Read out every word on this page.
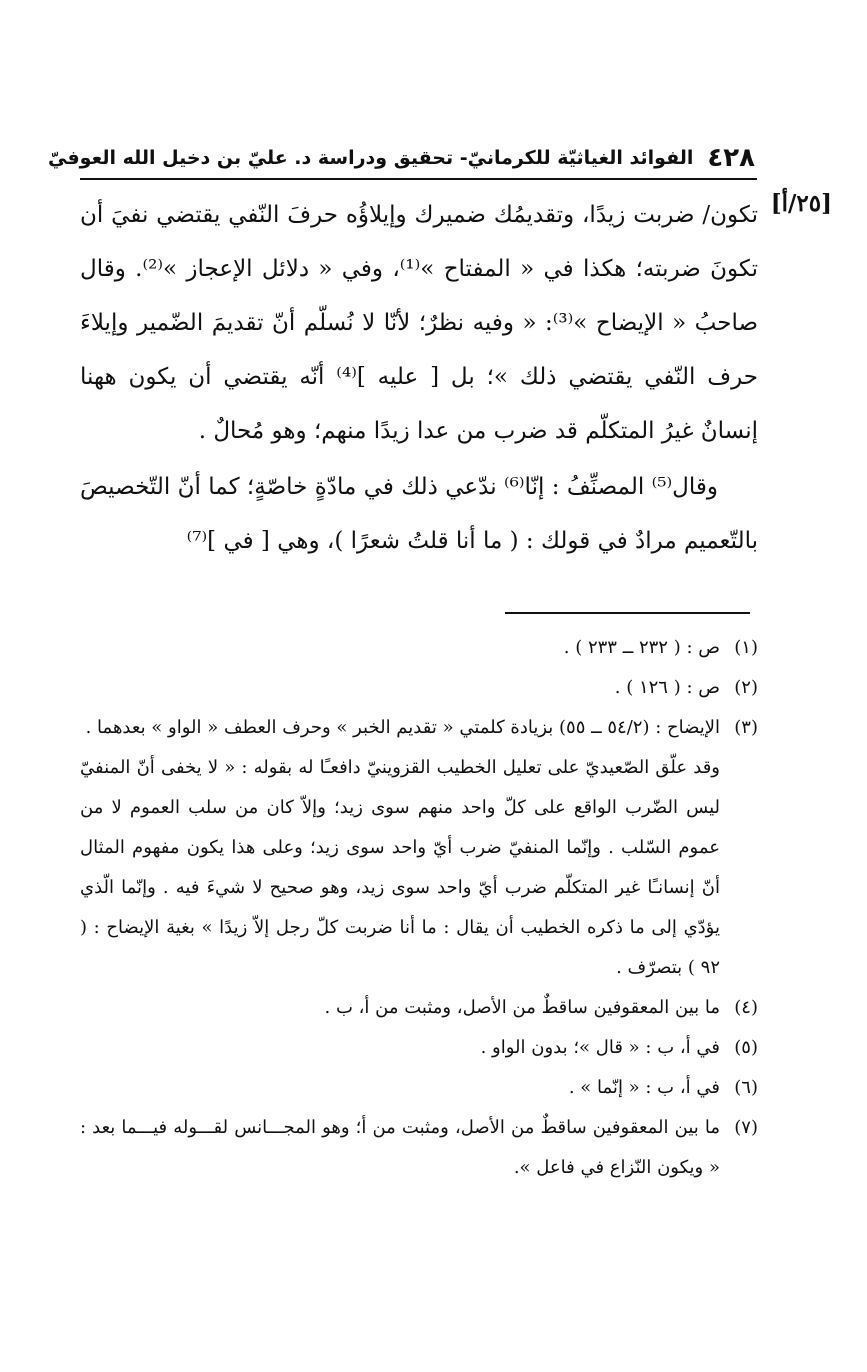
٤٢٨
الفوائد الغياثيّة للكرمانيّ- تحقيق ودراسة د. عليّ بن دخيل الله العوفيّ
[٢٥/أ]

تكون/ ضربت زيدًا، وتقديمُك ضميرك وإيلاؤُه حرفَ النّفي يقتضي نفيَ أن تكونَ ضربته؛ هكذا في « المفتاح »⁽¹⁾، وفي « دلائل الإعجاز »⁽²⁾. وقال صاحبُ « الإيضاح »⁽³⁾: « وفيه نظرٌ؛ لأنّا لا نُسلّم أنّ تقديمَ الضّمير وإيلاءَ حرف النّفي يقتضي ذلك »؛ بل [ عليه ]⁽⁴⁾ أنّه يقتضي أن يكون ههنا إنسانٌ غيرُ المتكلّم قد ضرب من عدا زيدًا منهم؛ وهو مُحالٌ .

وقال⁽⁵⁾ المصنِّفُ : إنّا⁽⁶⁾ ندّعي ذلك في مادّةٍ خاصّةٍ؛ كما أنّ التّخصيصَ بالتّعميم مرادٌ في قولك : ( ما أنا قلتُ شعرًا )، وهي [ في ]⁽⁷⁾

(١)
ص : ( ٢٣٢ ــ ٢٣٣ ) .

(٢)
ص : ( ١٢٦ ) .

(٣)
الإيضاح : (٥٤/٢ ــ ٥٥) بزيادة كلمتي « تقديم الخبر » وحرف العطف « الواو » بعدهما .

وقد علّق الصّعيديّ على تعليل الخطيب القزوينيّ دافعـًا له بقوله : « لا يخفى أنّ المنفيّ ليس الضّرب الواقع على كلّ واحد منهم سوى زيد؛ وإلاّ كان من سلب العموم لا من عموم السّلب . وإنّما المنفيّ ضرب أيّ واحد سوى زيد؛ وعلى هذا يكون مفهوم المثال أنّ إنسانـًا غير المتكلّم ضرب أيّ واحد سوى زيد، وهو صحيح لا شيءَ فيه . وإنّما الّذي يؤدّي إلى ما ذكره الخطيب أن يقال : ما أنا ضربت كلّ رجل إلاّ زيدًا » بغية الإيضاح : ( ٩٢ ) بتصرّف .

(٤)
ما بين المعقوفين ساقطٌ من الأصل، ومثبت من أ، ب .

(٥)
في أ، ب : « قال »؛ بدون الواو .

(٦)
في أ، ب : « إنّما » .

(٧)
ما بين المعقوفين ساقطٌ من الأصل، ومثبت من أ؛ وهو المجـــانس لقـــوله فيـــما بعد : « ويكون النّزاع في فاعل ».
